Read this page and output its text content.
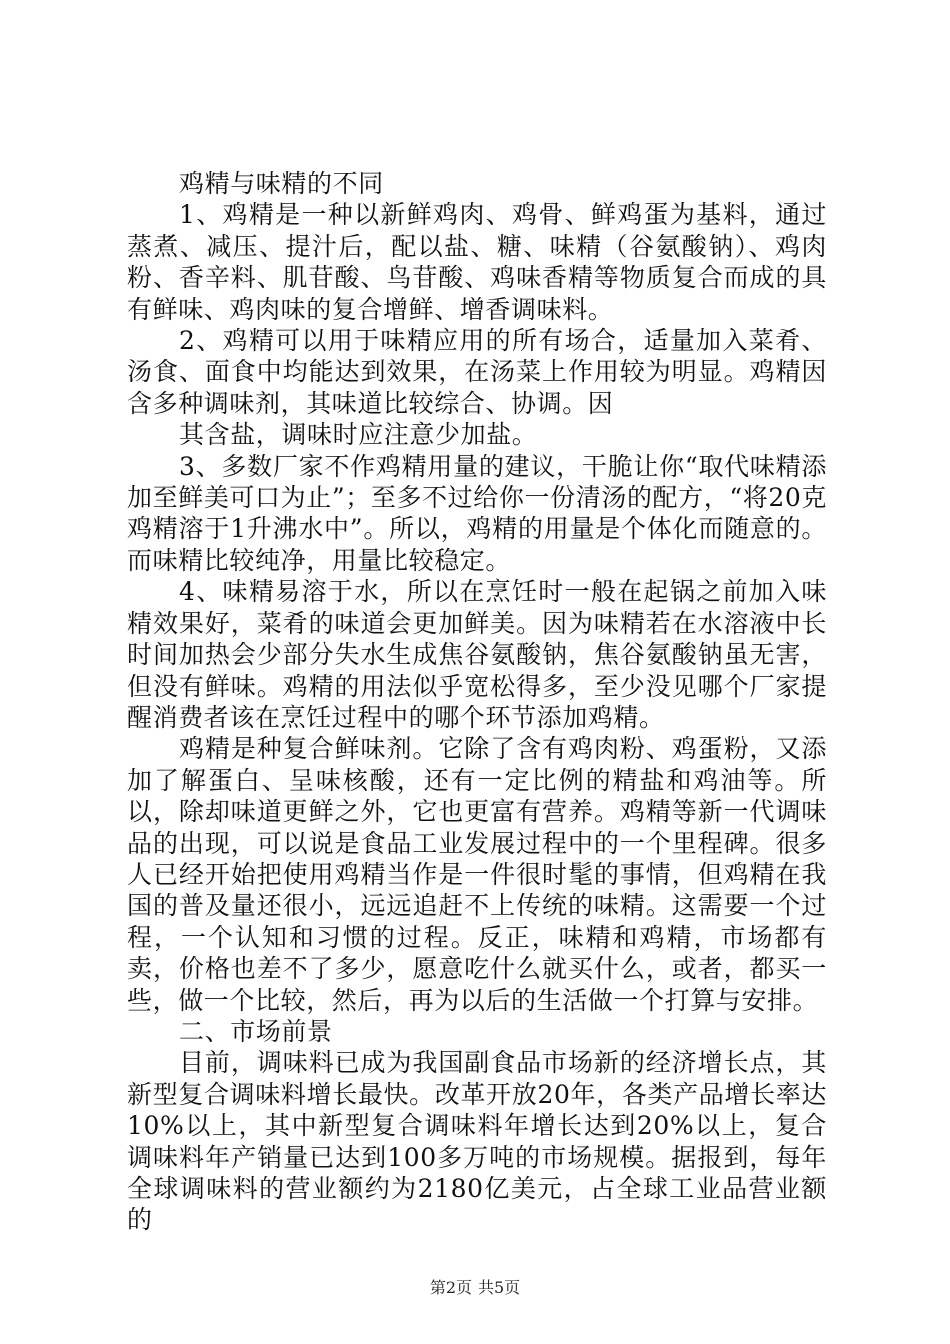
鸡精与味精的不同

1、鸡精是一种以新鲜鸡肉、鸡骨、鲜鸡蛋为基料，通过蒸煮、减压、提汁后，配以盐、糖、味精（谷氨酸钠）、鸡肉粉、香辛料、肌苷酸、鸟苷酸、鸡味香精等物质复合而成的具有鲜味、鸡肉味的复合增鲜、增香调味料。

2、鸡精可以用于味精应用的所有场合，适量加入菜肴、汤食、面食中均能达到效果，在汤菜上作用较为明显。鸡精因含多种调味剂，其味道比较综合、协调。因

其含盐，调味时应注意少加盐。

3、多数厂家不作鸡精用量的建议，干脆让你“取代味精添加至鲜美可口为止”；至多不过给你一份清汤的配方，“将20克鸡精溶于1升沸水中”。所以，鸡精的用量是个体化而随意的。而味精比较纯净，用量比较稳定。

4、味精易溶于水，所以在烹饪时一般在起锅之前加入味精效果好，菜肴的味道会更加鲜美。因为味精若在水溶液中长时间加热会少部分失水生成焦谷氨酸钠，焦谷氨酸钠虽无害，但没有鲜味。鸡精的用法似乎宽松得多，至少没见哪个厂家提醒消费者该在烹饪过程中的哪个环节添加鸡精。

鸡精是种复合鲜味剂。它除了含有鸡肉粉、鸡蛋粉，又添加了解蛋白、呈味核酸，还有一定比例的精盐和鸡油等。所以，除却味道更鲜之外，它也更富有营养。鸡精等新一代调味品的出现，可以说是食品工业发展过程中的一个里程碑。很多人已经开始把使用鸡精当作是一件很时髦的事情，但鸡精在我国的普及量还很小，远远追赶不上传统的味精。这需要一个过程，一个认知和习惯的过程。反正，味精和鸡精，市场都有卖，价格也差不了多少，愿意吃什么就买什么，或者，都买一些，做一个比较，然后，再为以后的生活做一个打算与安排。

二、市场前景

目前，调味料已成为我国副食品市场新的经济增长点，其新型复合调味料增长最快。改革开放20年，各类产品增长率达10%以上，其中新型复合调味料年增长达到20%以上，复合调味料年产销量已达到100多万吨的市场规模。据报到，每年全球调味料的营业额约为2180亿美元，占全球工业品营业额的

第2页 共5页
